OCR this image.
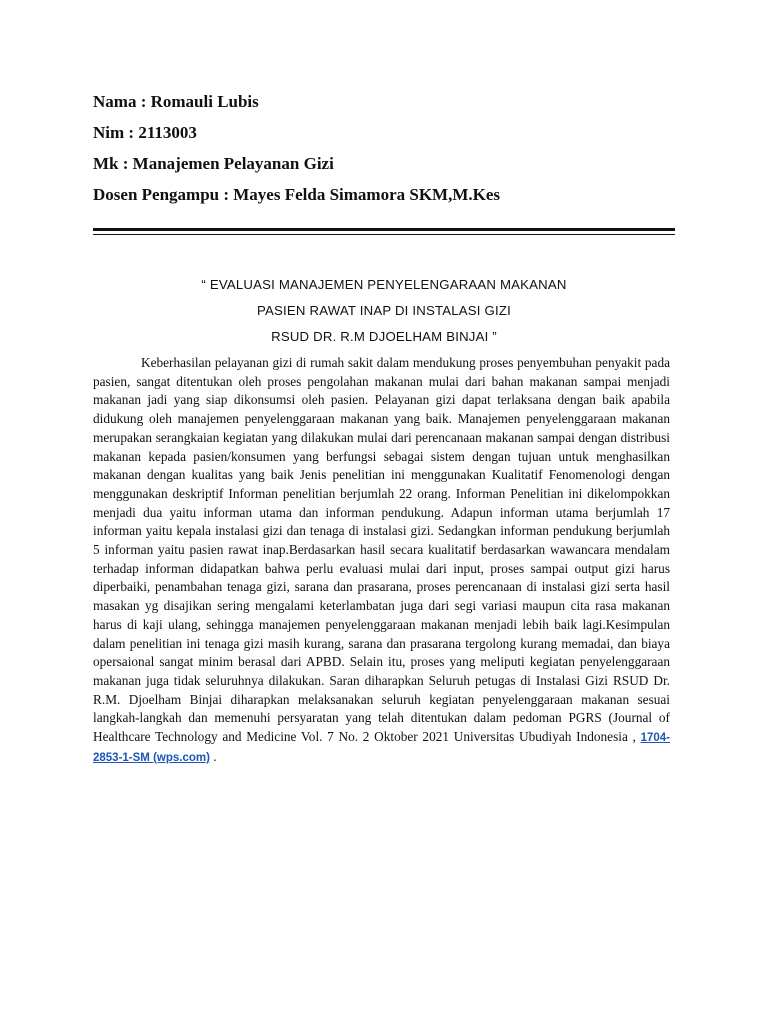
Nama : Romauli Lubis
Nim : 2113003
Mk : Manajemen Pelayanan Gizi
Dosen Pengampu : Mayes Felda Simamora SKM,M.Kes
“ EVALUASI MANAJEMEN PENYELENGARAAN MAKANAN
PASIEN RAWAT INAP DI INSTALASI GIZI
RSUD DR. R.M DJOELHAM BINJAI ”

Keberhasilan pelayanan gizi di rumah sakit dalam mendukung proses penyembuhan penyakit pada pasien, sangat ditentukan oleh proses pengolahan makanan mulai dari bahan makanan sampai menjadi makanan jadi yang siap dikonsumsi oleh pasien. Pelayanan gizi dapat terlaksana dengan baik apabila didukung oleh manajemen penyelenggaraan makanan yang baik. Manajemen penyelenggaraan makanan merupakan serangkaian kegiatan yang dilakukan mulai dari perencanaan makanan sampai dengan distribusi makanan kepada pasien/konsumen yang berfungsi sebagai sistem dengan tujuan untuk menghasilkan makanan dengan kualitas yang baik Jenis penelitian ini menggunakan Kualitatif Fenomenologi dengan menggunakan deskriptif Informan penelitian berjumlah 22 orang. Informan Penelitian ini dikelompokkan menjadi dua yaitu informan utama dan informan pendukung. Adapun informan utama berjumlah 17 informan yaitu kepala instalasi gizi dan tenaga di instalasi gizi. Sedangkan informan pendukung berjumlah 5 informan yaitu pasien rawat inap.Berdasarkan hasil secara kualitatif berdasarkan wawancara mendalam terhadap informan didapatkan bahwa perlu evaluasi mulai dari input, proses sampai output gizi harus diperbaiki, penambahan tenaga gizi, sarana dan prasarana, proses perencanaan di instalasi gizi serta hasil masakan yg disajikan sering mengalami keterlambatan juga dari segi variasi maupun cita rasa makanan harus di kaji ulang, sehingga manajemen penyelenggaraan makanan menjadi lebih baik lagi.Kesimpulan dalam penelitian ini tenaga gizi masih kurang, sarana dan prasarana tergolong kurang memadai, dan biaya opersaional sangat minim berasal dari APBD. Selain itu, proses yang meliputi kegiatan penyelenggaraan makanan juga tidak seluruhnya dilakukan. Saran diharapkan Seluruh petugas di Instalasi Gizi RSUD Dr. R.M. Djoelham Binjai diharapkan melaksanakan seluruh kegiatan penyelenggaraan makanan sesuai langkah-langkah dan memenuhi persyaratan yang telah ditentukan dalam pedoman PGRS (Journal of Healthcare Technology and Medicine Vol. 7 No. 2 Oktober 2021 Universitas Ubudiyah Indonesia , 1704-2853-1-SM (wps.com) .
